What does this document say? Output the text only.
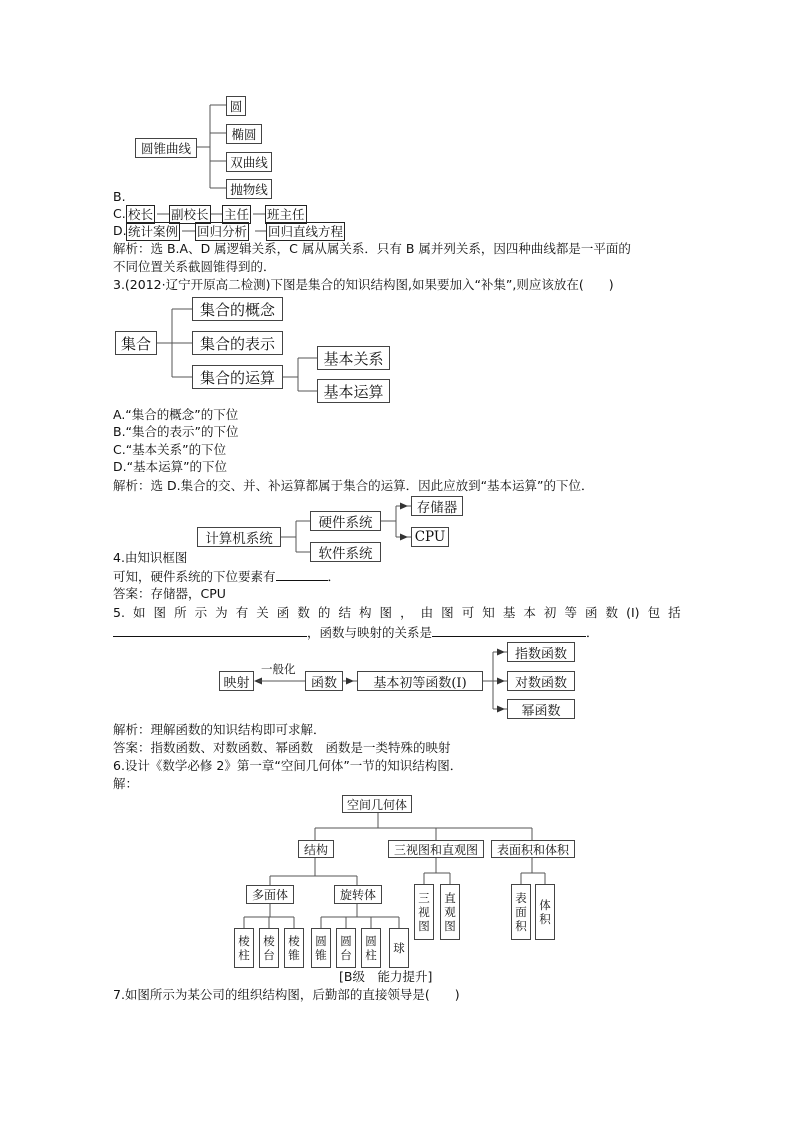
圆锥曲线
圆
椭圆
双曲线
抛物线
B.
C. 校长 副校长 主任 班主任
D. 统计案例 回归分析 回归直线方程
解析：选 B.A、D 属逻辑关系，C 属从属关系．只有 B 属并列关系，因四种曲线都是一平面的
不同位置关系截圆锥得到的．
3.(2012·辽宁开原高二检测)下图是集合的知识结构图,如果要加入“补集”,则应该放在(　　)
集合
集合的概念
集合的表示
集合的运算
基本关系
基本运算
A.“集合的概念”的下位
B.“集合的表示”的下位
C.“基本关系”的下位
D.“基本运算”的下位
解析：选 D.集合的交、并、补运算都属于集合的运算．因此应放到“基本运算”的下位．
计算机系统
硬件系统
软件系统
存储器
CPU
4.由知识框图
可知，硬件系统的下位要素有	．
答案：存储器，CPU
5. 如 图 所 示 为 有 关 函 数 的 结 构 图 ， 由 图 可 知 基 本 初 等 函 数 (Ⅰ) 包 括
，函数与映射的关系是	．
映射
一般化
函数	基本初等函数(Ⅰ)
指数函数
对数函数
幂函数
解析：理解函数的知识结构即可求解．
答案：指数函数、对数函数、幂函数　函数是一类特殊的映射
6.设计《数学必修 2》第一章“空间几何体”一节的知识结构图．
解：
空间几何体
结构	三视图和直观图	表面积和体积
多面体	旋转体
棱
柱
棱
台
棱
锥
圆
锥
圆
台
圆
柱 球
三
视
图
直
观
图
表
面
积
体
积
[B级　能力提升]
7.如图所示为某公司的组织结构图，后勤部的直接领导是(　　)
